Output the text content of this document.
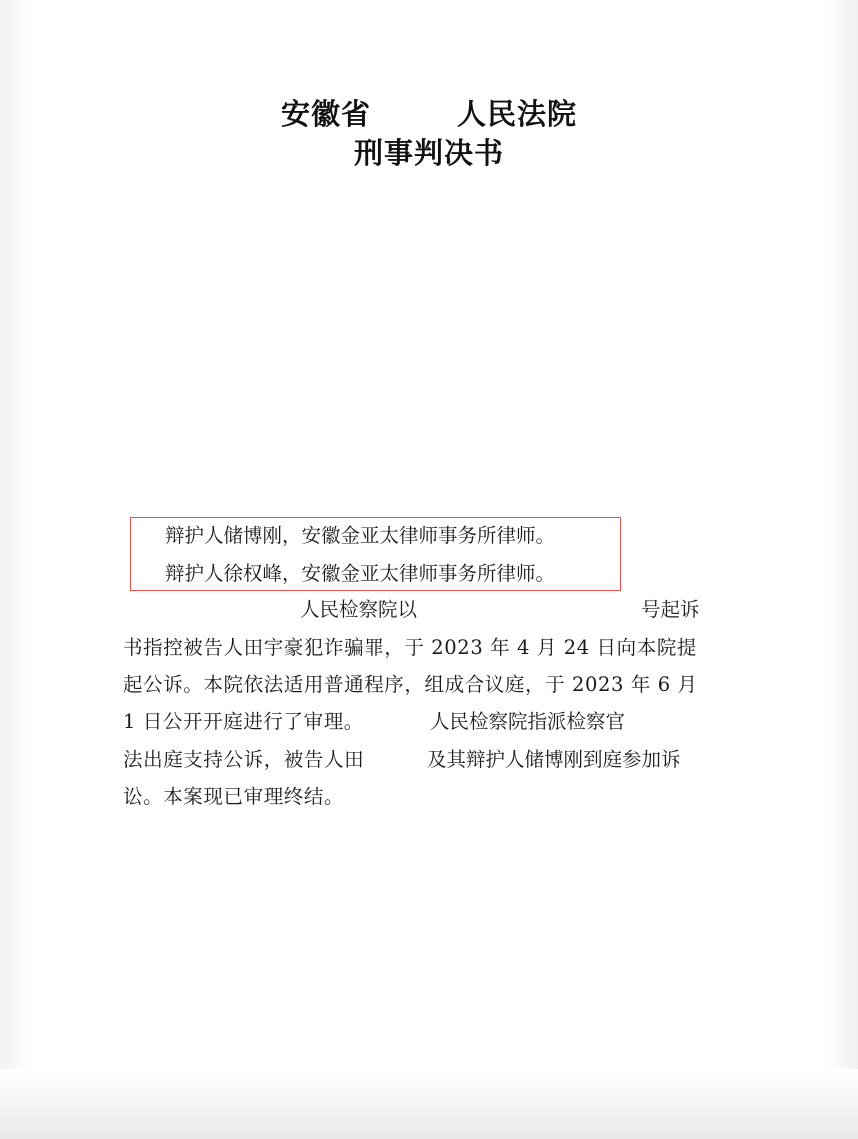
安徽省	人民法院
刑事判决书
辩护人储博刚，安徽金亚太律师事务所律师。
辩护人徐权峰，安徽金亚太律师事务所律师。
人民检察院以	号起诉
书指控被告人田宇豪犯诈骗罪，于 2023 年 4 月 24 日向本院提
起公诉。本院依法适用普通程序，组成合议庭，于 2023 年 6 月
1 日公开开庭进行了审理。	人民检察院指派检察官
法出庭支持公诉，被告人田	及其辩护人储博刚到庭参加诉
讼。本案现已审理终结。
